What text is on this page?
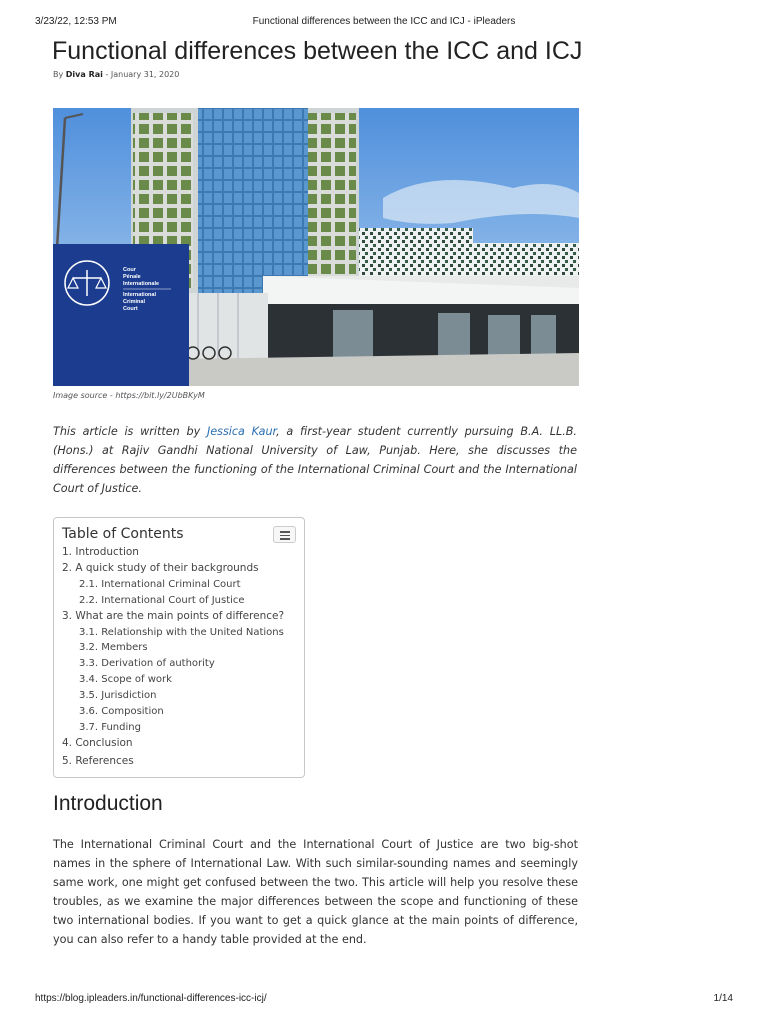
3/23/22, 12:53 PM	Functional differences between the ICC and ICJ - iPleaders
Functional differences between the ICC and ICJ
By Diva Rai - January 31, 2020
Cour
Pénale
Internationale
International
Criminal
Court
Image source - https://bit.ly/2UbBKyM

This article is written by Jessica Kaur, a first-year student currently pursuing B.A. LL.B. (Hons.) at Rajiv Gandhi National University of Law, Punjab. Here, she discusses the differences between the functioning of the International Criminal Court and the International Court of Justice.

Table of Contents
1. Introduction
2. A quick study of their backgrounds
2.1. International Criminal Court
2.2. International Court of Justice
3. What are the main points of difference?
3.1. Relationship with the United Nations
3.2. Members
3.3. Derivation of authority
3.4. Scope of work
3.5. Jurisdiction
3.6. Composition
3.7. Funding
4. Conclusion
5. References
Introduction

The International Criminal Court and the International Court of Justice are two big-shot names in the sphere of International Law. With such similar-sounding names and seemingly same work, one might get confused between the two. This article will help you resolve these troubles, as we examine the major differences between the scope and functioning of these two international bodies. If you want to get a quick glance at the main points of difference, you can also refer to a handy table provided at the end.

https://blog.ipleaders.in/functional-differences-icc-icj/	1/14
